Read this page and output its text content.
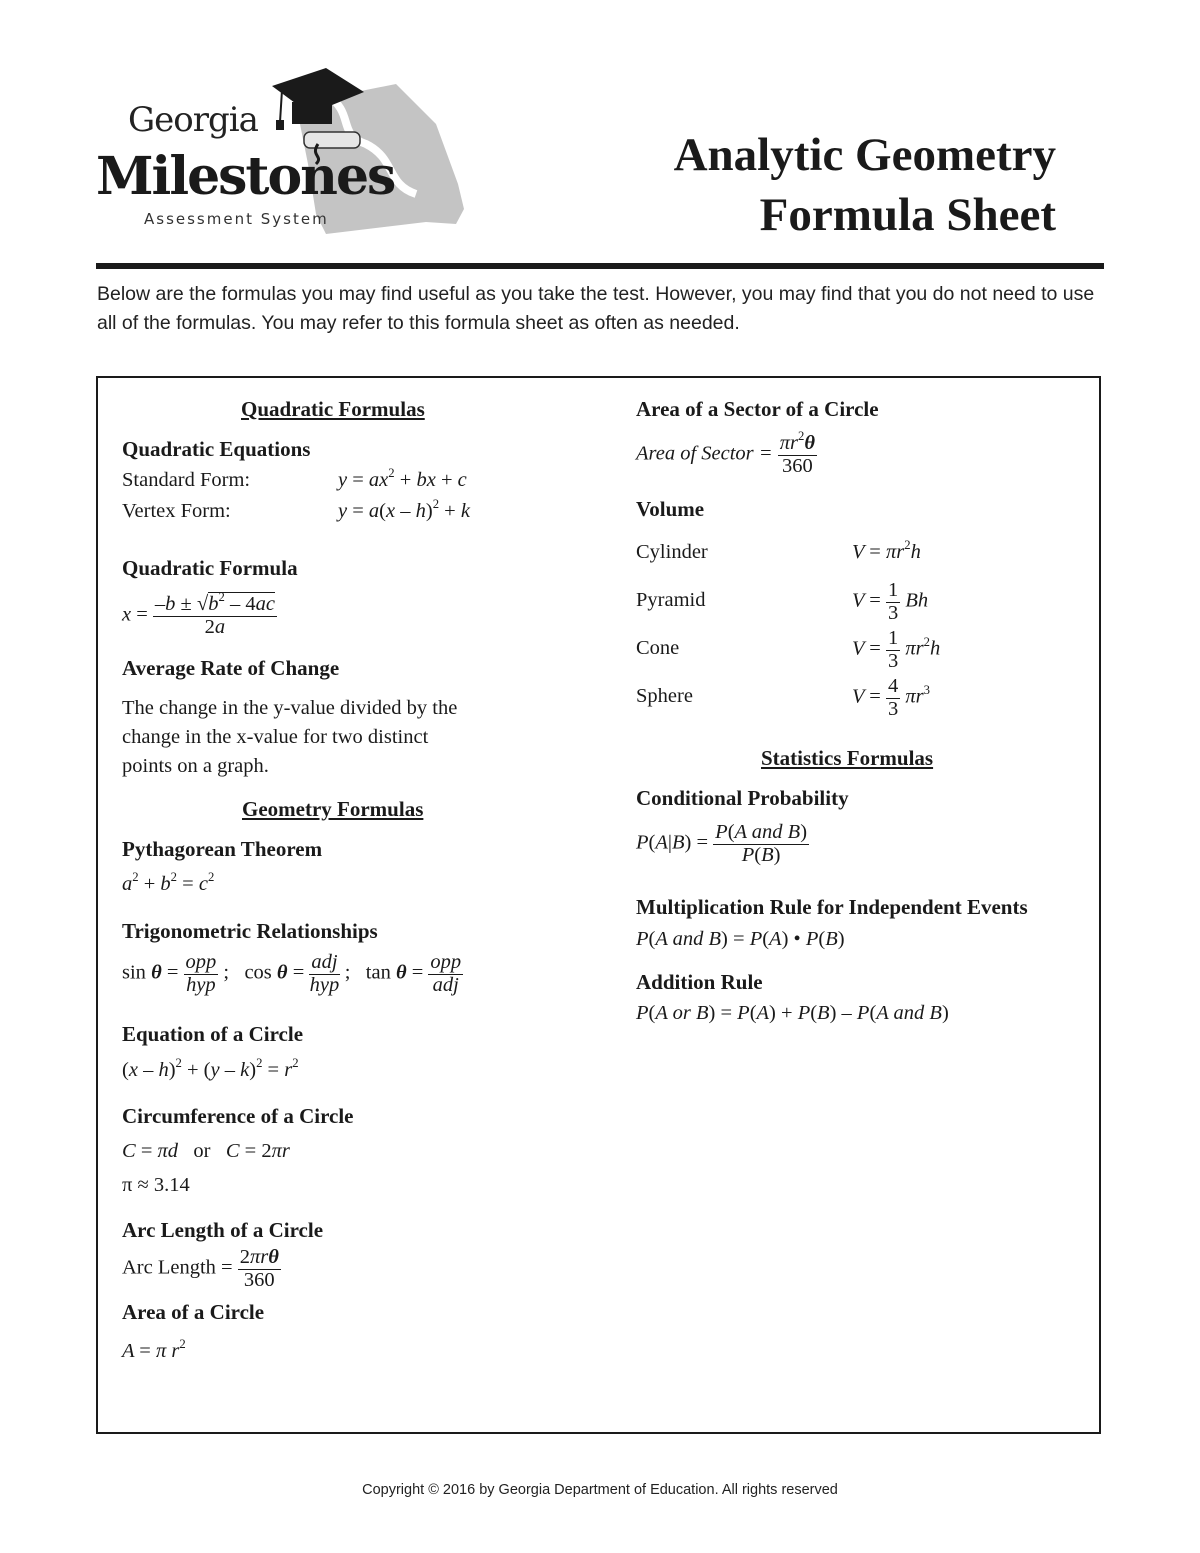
Georgia
Milestones
Assessment System
Analytic Geometry
Formula Sheet
Below are the formulas you may find useful as you take the test. However, you may find that you do not need to use all of the formulas. You may refer to this formula sheet as often as needed.
Quadratic Formulas
Quadratic Equations
Standard Form:	$y = ax^2$ + bx + c
Vertex Form:	y = a(x – h)$^2$ + k
Quadratic Formula
$x = \frac{-b \pm √b^2 - 4ac}{2a}$
Average Rate of Change
The change in the y-value divided by the
change in the x-value for two distinct
points on a graph.
Geometry Formulas
Pythagorean Theorem
$a^2 + b^2 = c^2$
Trigonometric Relationships
$\sin \theta = \frac{\text{opp}}{\text{hyp}}$ ;   $\cos \theta = \frac{\text{adj}}{\text{hyp}}$ ;   $\tan \theta = \frac{\text{opp}}{\text{adj}}$
Equation of a Circle
$(x - h)^2 + (y - k)^2 = r^2$
Circumference of a Circle
C = πd   or   C = 2πr
π ≈ 3.14
Arc Length of a Circle
Arc Length = $\frac{\text{2πrθ}}{360}$
Area of a Circle
A = π $r^2$
Area of a Sector of a Circle
Area of Sector = $\frac{\pi r^2\theta}{360}$
Volume
Cylinder	$V = \pi r^2h$
Pyramid	$V = \frac{1}{3}$ Bh
Cone	$V = \frac{1}{3} \pi r^2h$
Sphere	$V = \frac{4}{3} \pi r^3$
Statistics Formulas
Conditional Probability
$P(A|B) = \frac{\text{P(A and B)}}{P(B)}$
Multiplication Rule for Independent Events
P(A and B) = P(A) • P(B)
Addition Rule
P(A or B) = P(A) + P(B) – P(A and B)
Copyright © 2016 by Georgia Department of Education. All rights reserved
